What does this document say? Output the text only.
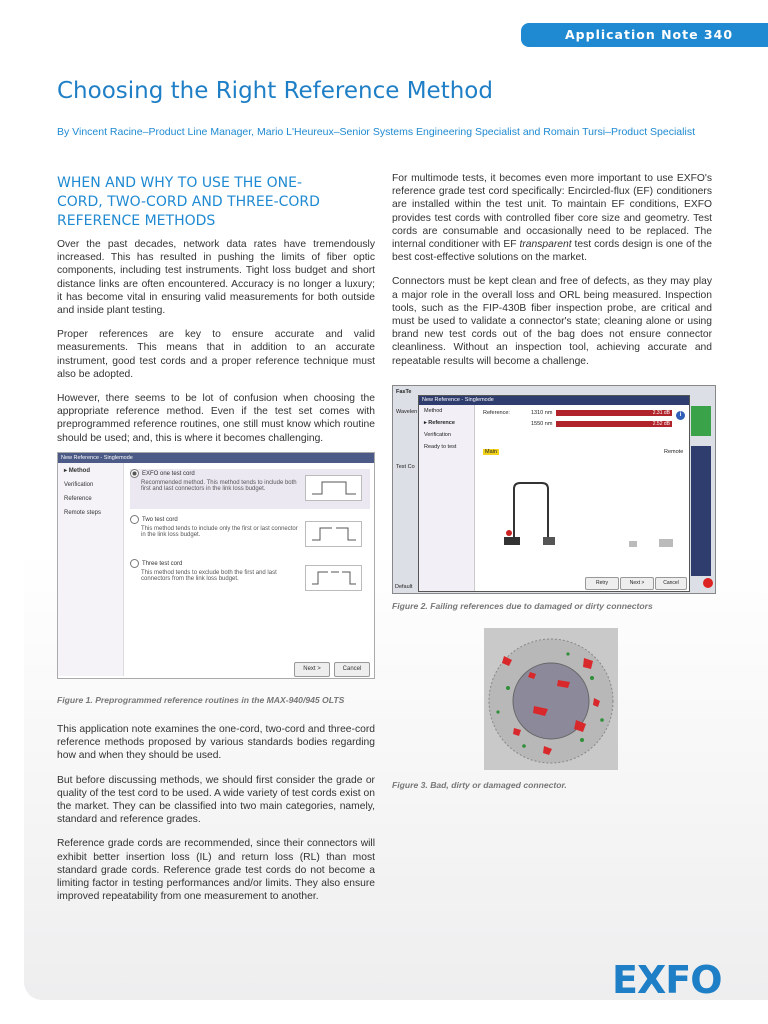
Application Note 340
Choosing the Right Reference Method
By Vincent Racine–Product Line Manager, Mario L'Heureux–Senior Systems Engineering Specialist and Romain Tursi–Product Specialist
WHEN AND WHY TO USE THE ONE-CORD, TWO-CORD AND THREE-CORD REFERENCE METHODS

Over the past decades, network data rates have tremendously increased. This has resulted in pushing the limits of fiber optic components, including test instruments. Tight loss budget and short distance links are often encountered. Accuracy is no longer a luxury; it has become vital in ensuring valid measurements for both outside and inside plant testing.

Proper references are key to ensure accurate and valid measurements. This means that in addition to an accurate instrument, good test cords and a proper reference technique must also be adopted.

However, there seems to be lot of confusion when choosing the appropriate reference method. Even if the test set comes with preprogrammed reference routines, one still must know which routine should be used; and, this is where it becomes challenging.

New Reference - Singlemode
▸ Method
Verification
Reference
Remote steps
EXFO one test cord
Recommended method. This method tends to include both first and last connectors in the link loss budget.
Two test cord
This method tends to include only the first or last connector in the link loss budget.
Three test cord
This method tends to exclude both the first and last connectors from the link loss budget.
Next >	Cancel
Figure 1. Preprogrammed reference routines in the MAX-940/945 OLTS

This application note examines the one-cord, two-cord and three-cord reference methods proposed by various standards bodies regarding how and when they should be used.

But before discussing methods, we should first consider the grade or quality of the test cord to be used. A wide variety of test cords exist on the market. They can be classified into two main categories, namely, standard and reference grades.

Reference grade cords are recommended, since their connectors will exhibit better insertion loss (IL) and return loss (RL) than most standard grade cords. Reference grade test cords do not become a limiting factor in testing performances and/or limits. They also ensure improved repeatability from one measurement to another.

For multimode tests, it becomes even more important to use EXFO's reference grade test cord specifically: Encircled-flux (EF) conditioners are installed within the test unit. To maintain EF conditions, EXFO provides test cords with controlled fiber core size and geometry. Test cords are consumable and occasionally need to be replaced. The internal conditioner with EF transparent test cords design is one of the best cost-effective solutions on the market.

Connectors must be kept clean and free of defects, as they may play a major role in the overall loss and ORL being measured. Inspection tools, such as the FIP-430B fiber inspection probe, are critical and must be used to validate a connector's state; cleaning alone or using brand new test cords out of the bag does not ensure connector cleanliness. Without an inspection tool, achieving accurate and repeatable results will become a challenge.

FasTe
Wavelen
Test Co
Default
New Reference - Singlemode
Method
▸ Reference
Verification
Ready to test
Reference:	1310 nm	2.31 dB
1550 nm	2.52 dB
i
Main	Remote
Retry	Next >	Cancel
Figure 2. Failing references due to damaged or dirty connectors
Figure 3. Bad, dirty or damaged connector.
EXFO
